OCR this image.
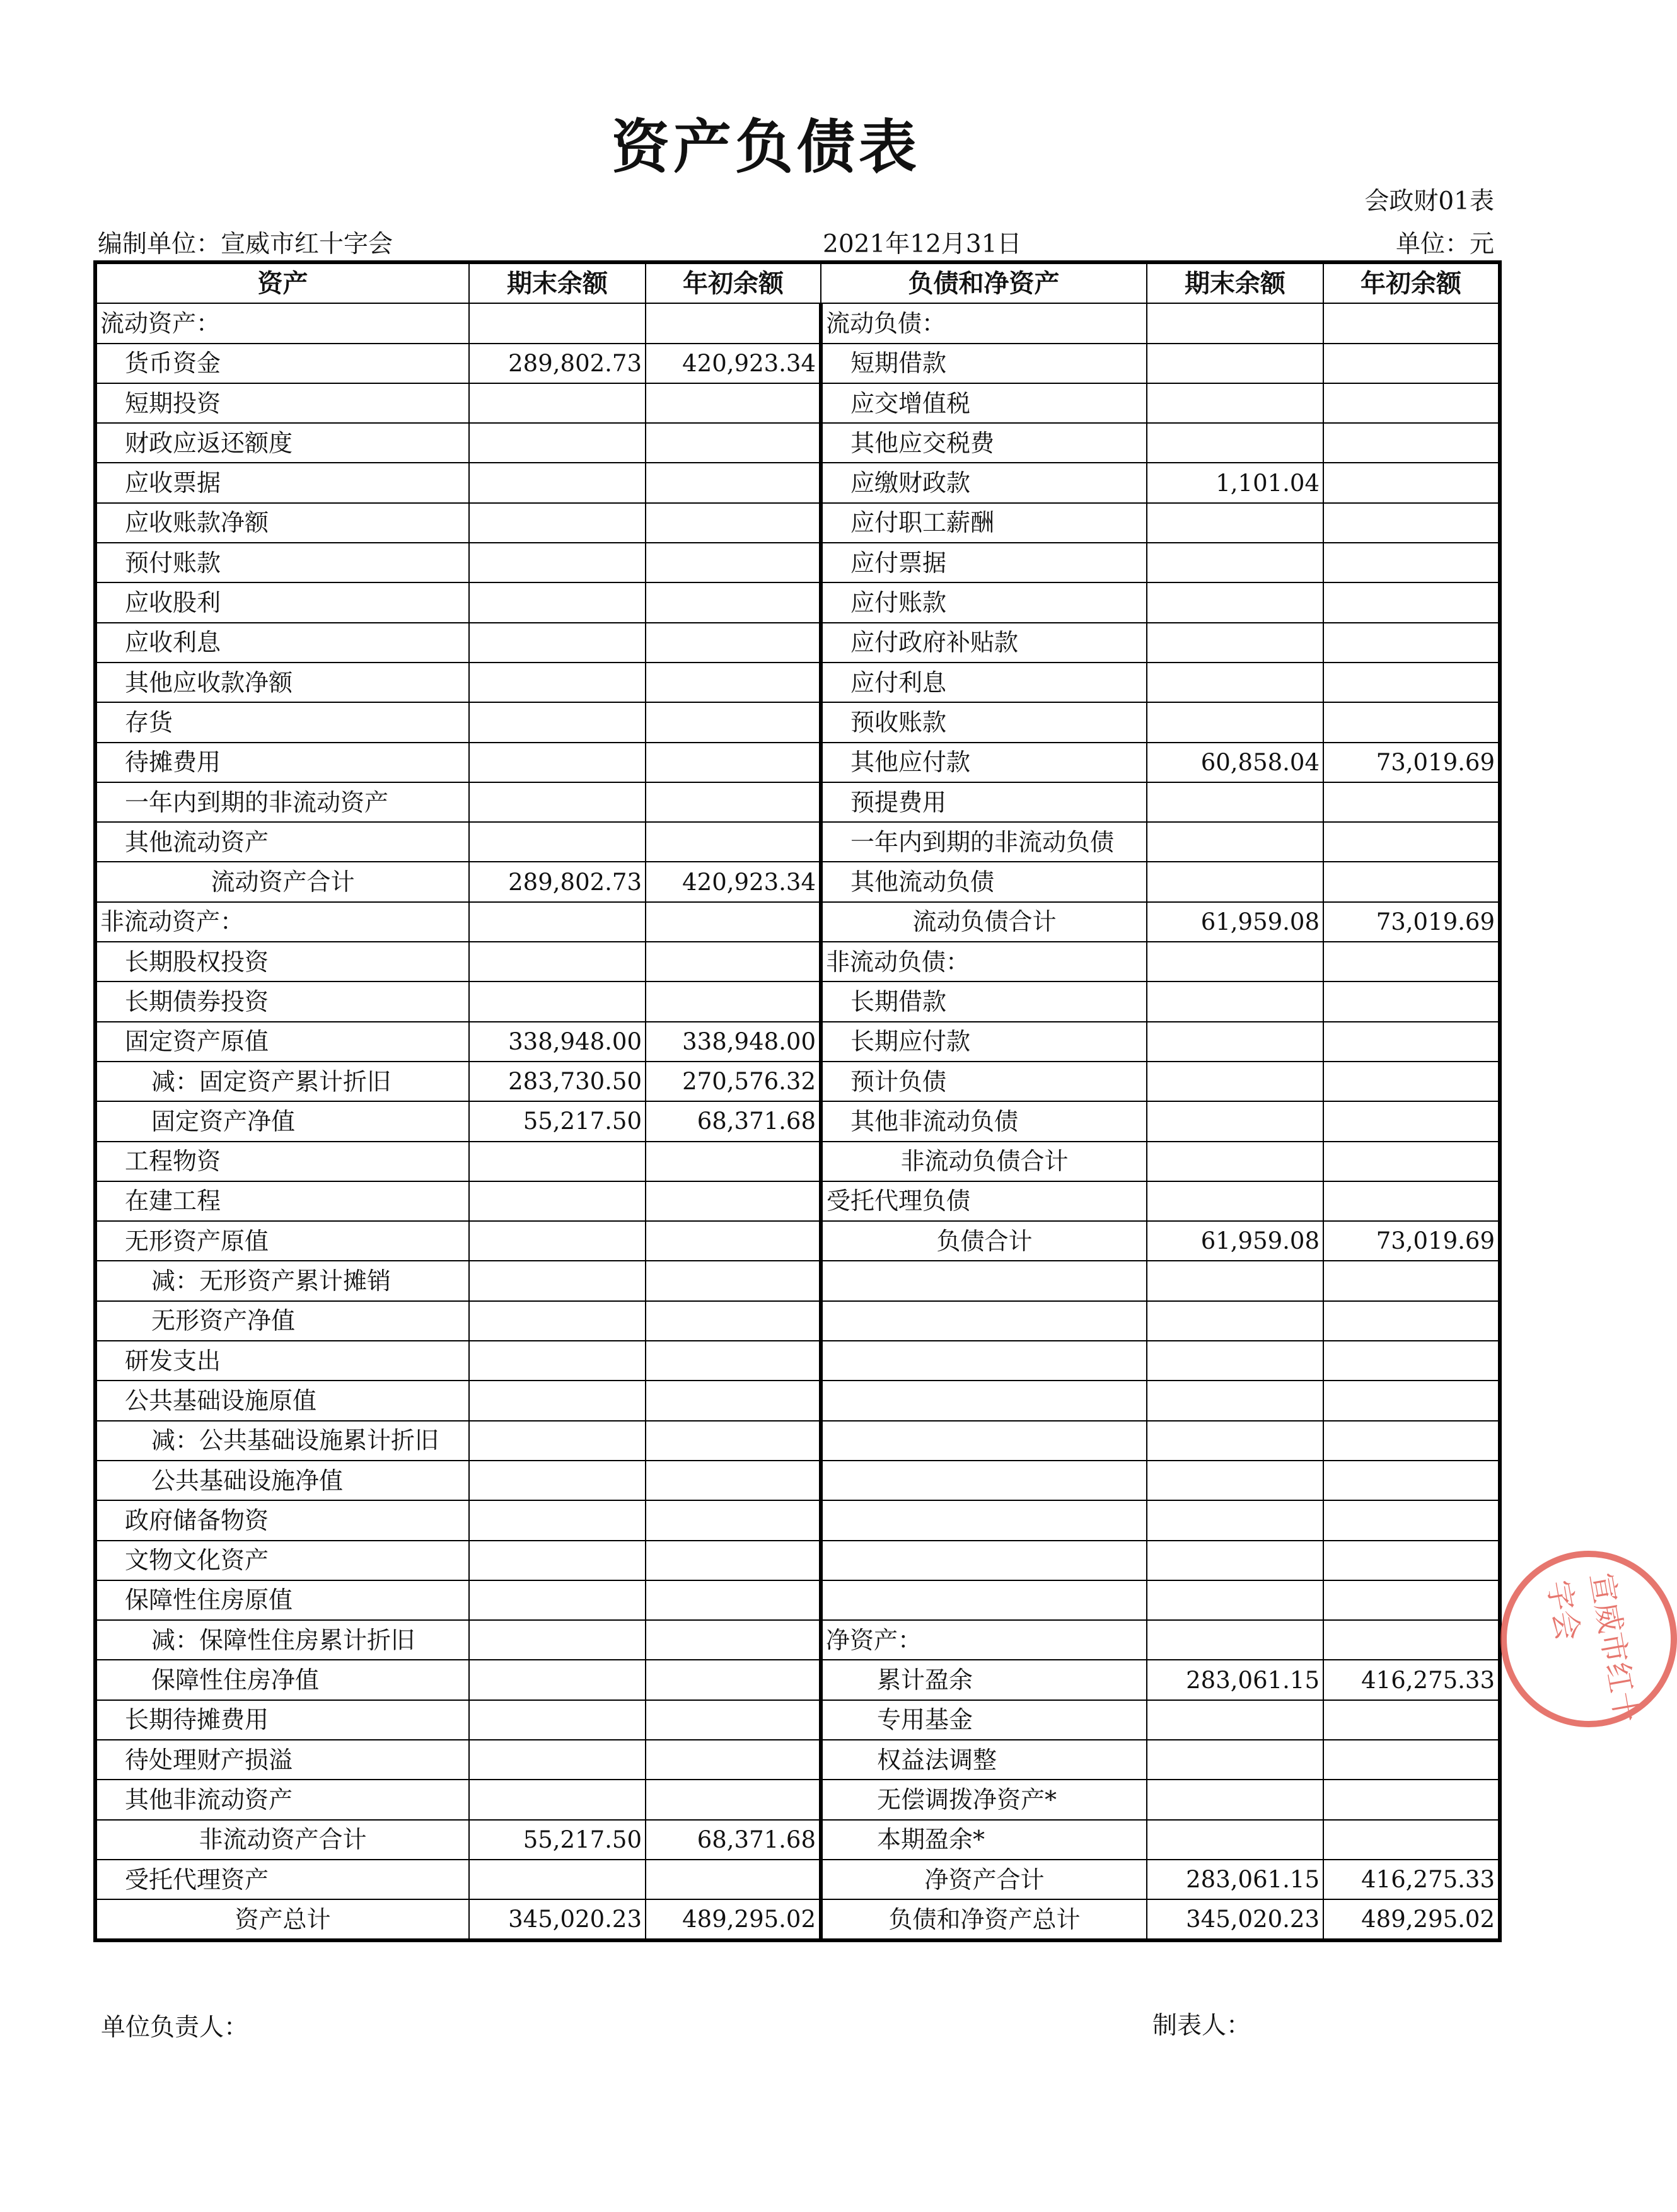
资产负债表
会政财01表
编制单位：宣威市红十字会	2021年12月31日	单位：元
资产	期末余额	年初余额	负债和净资产	期末余额	年初余额
流动资产：			流动负债：		
货币资金	289,802.73	420,923.34	短期借款		
短期投资			应交增值税		
财政应返还额度			其他应交税费		
应收票据			应缴财政款	1,101.04	
应收账款净额			应付职工薪酬		
预付账款			应付票据		
应收股利			应付账款		
应收利息			应付政府补贴款		
其他应收款净额			应付利息		
存货			预收账款		
待摊费用			其他应付款	60,858.04	73,019.69
一年内到期的非流动资产			预提费用		
其他流动资产			一年内到期的非流动负债		
流动资产合计	289,802.73	420,923.34	其他流动负债		
非流动资产：			流动负债合计	61,959.08	73,019.69
长期股权投资			非流动负债：		
长期债券投资			长期借款		
固定资产原值	338,948.00	338,948.00	长期应付款		
减：固定资产累计折旧	283,730.50	270,576.32	预计负债		
固定资产净值	55,217.50	68,371.68	其他非流动负债		
工程物资			非流动负债合计		
在建工程			受托代理负债		
无形资产原值			负债合计	61,959.08	73,019.69
减：无形资产累计摊销					
无形资产净值					
研发支出					
公共基础设施原值					
减：公共基础设施累计折旧					
公共基础设施净值					
政府储备物资					
文物文化资产					
保障性住房原值					
减：保障性住房累计折旧			净资产：		
保障性住房净值			累计盈余	283,061.15	416,275.33
长期待摊费用			专用基金		
待处理财产损溢			权益法调整		
其他非流动资产			无偿调拨净资产*		
非流动资产合计	55,217.50	68,371.68	本期盈余*		
受托代理资产			净资产合计	283,061.15	416,275.33
资产总计	345,020.23	489,295.02	负债和净资产总计	345,020.23	489,295.02
单位负责人：	制表人：
宣威市红十字会
